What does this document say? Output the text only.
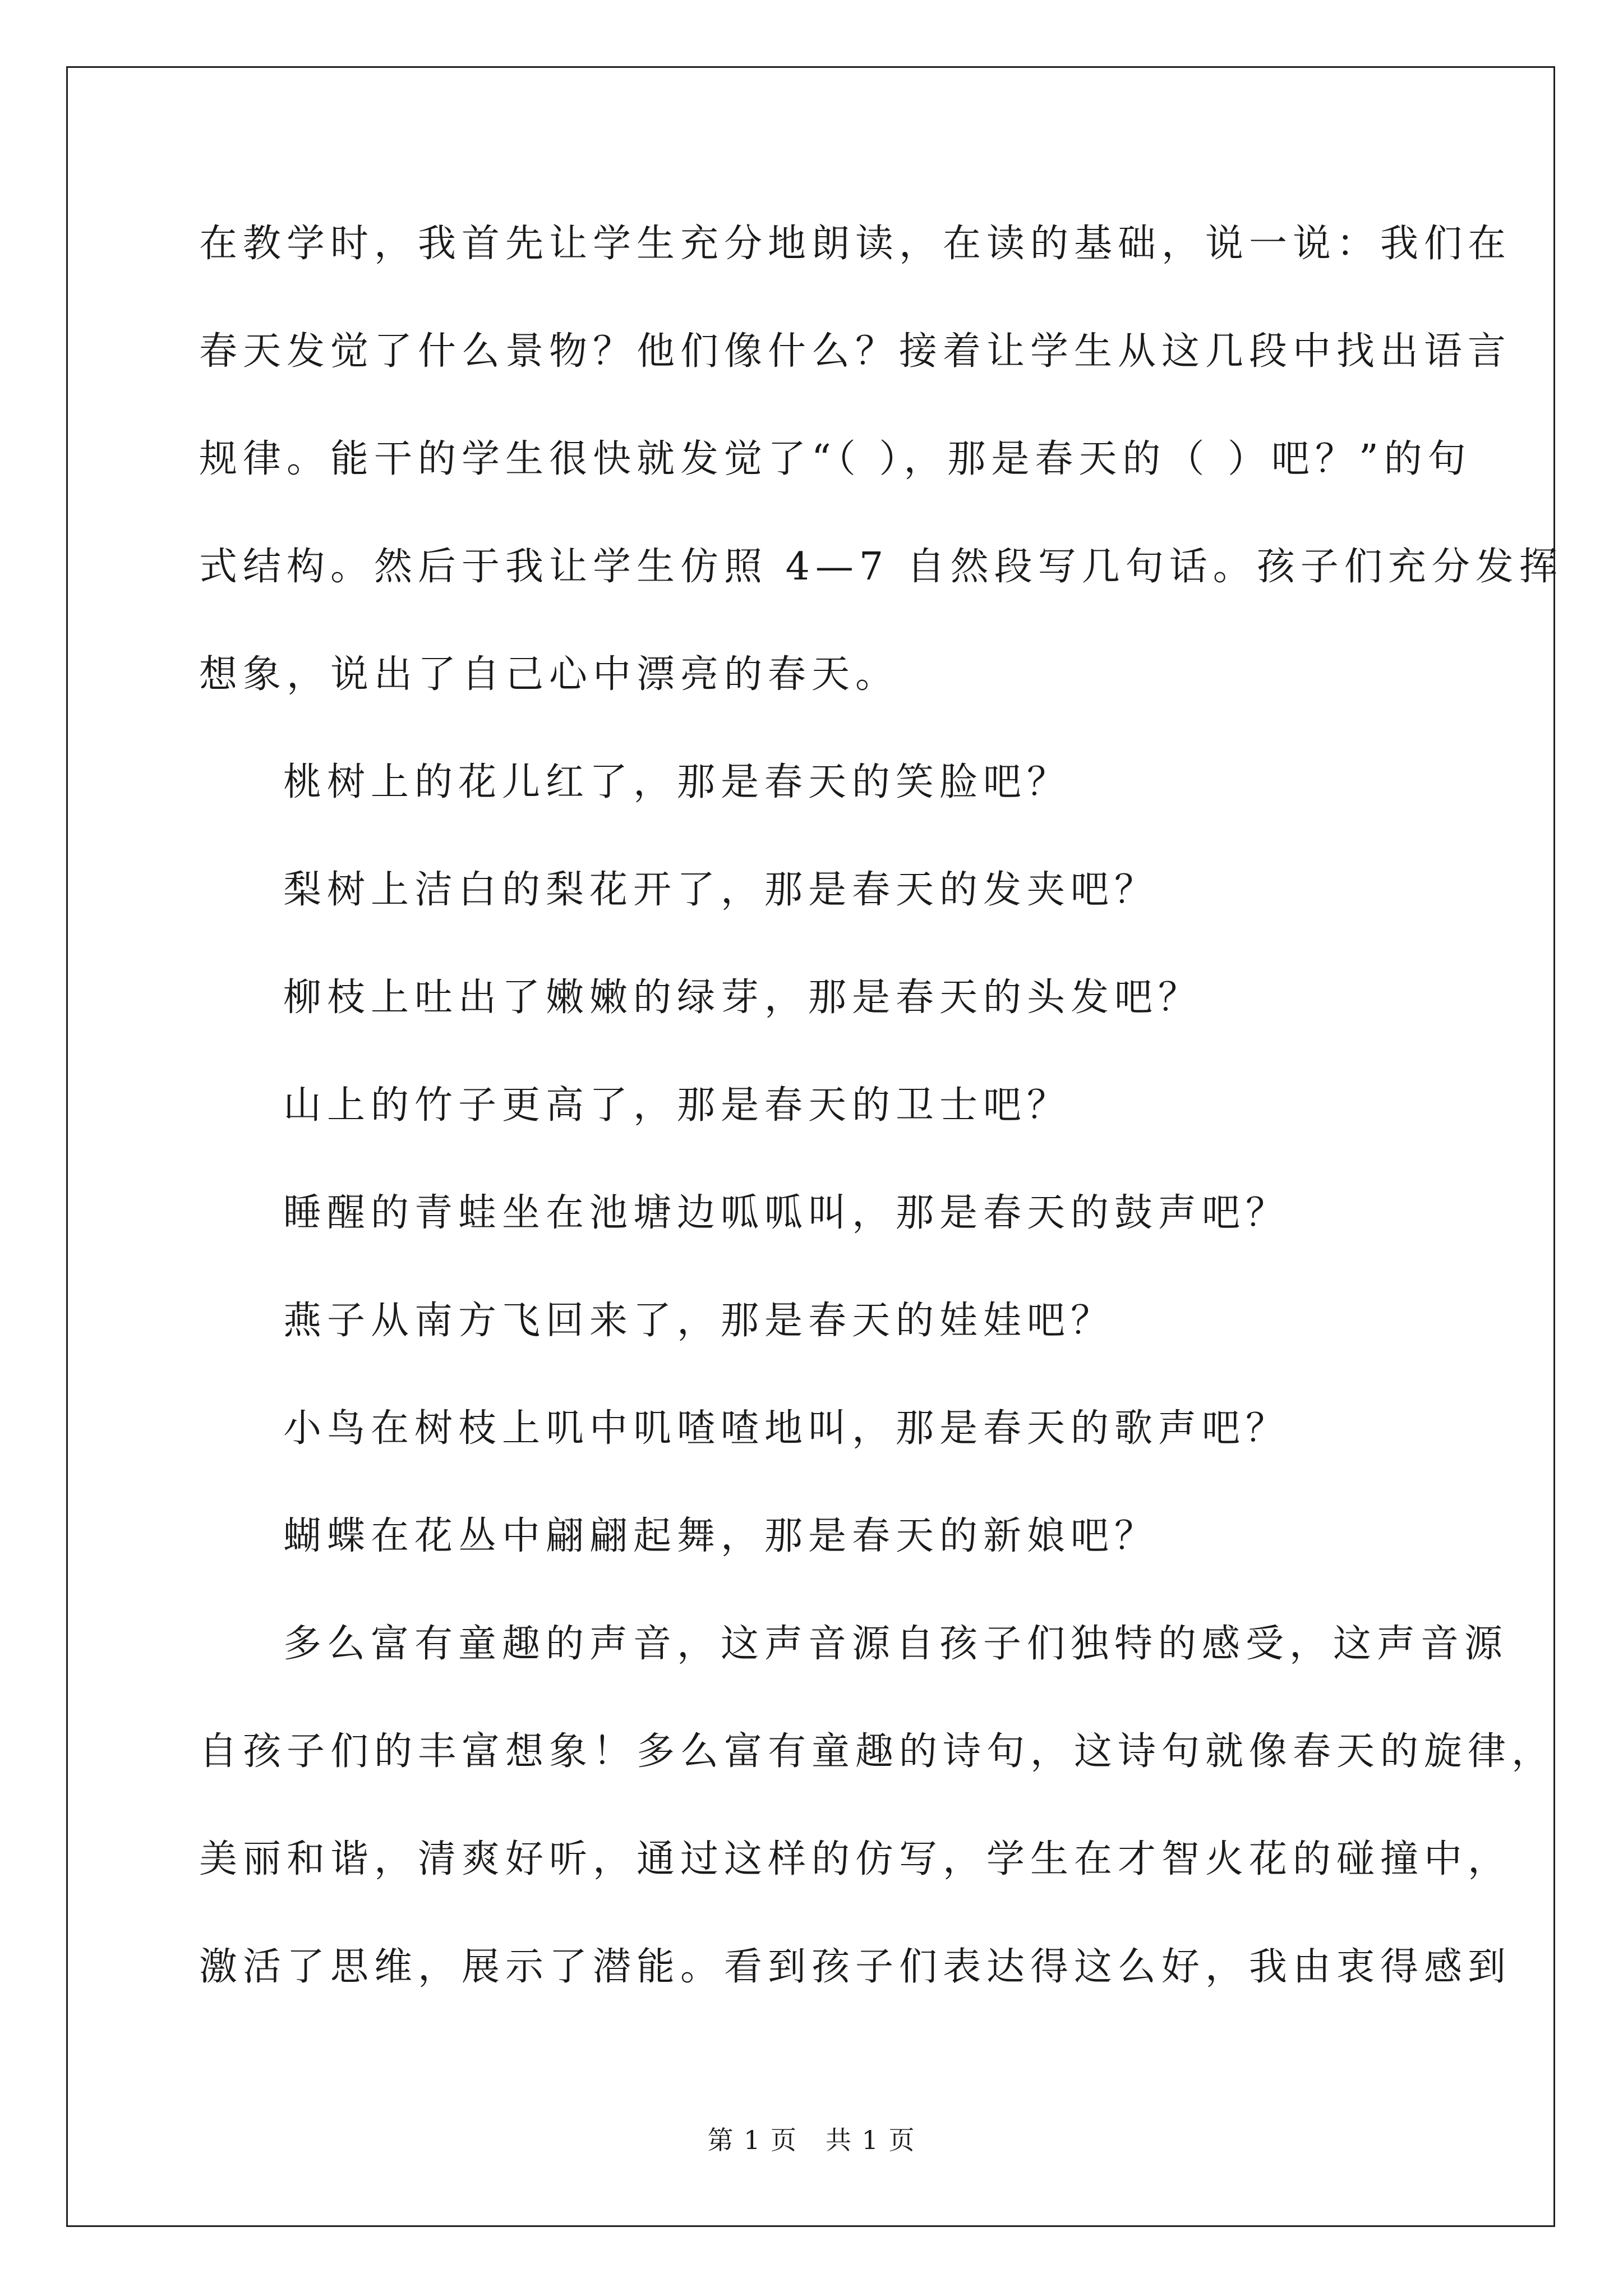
在教学时，我首先让学生充分地朗读，在读的基础，说一说：我们在
春天发觉了什么景物？他们像什么？接着让学生从这几段中找出语言
规律。能干的学生很快就发觉了“（ ），那是春天的（ ）吧？”的句
式结构。然后于我让学生仿照 4—7 自然段写几句话。孩子们充分发挥
想象，说出了自己心中漂亮的春天。
桃树上的花儿红了，那是春天的笑脸吧？
梨树上洁白的梨花开了，那是春天的发夹吧？
柳枝上吐出了嫩嫩的绿芽，那是春天的头发吧？
山上的竹子更高了，那是春天的卫士吧？
睡醒的青蛙坐在池塘边呱呱叫，那是春天的鼓声吧？
燕子从南方飞回来了，那是春天的娃娃吧？
小鸟在树枝上叽中叽喳喳地叫，那是春天的歌声吧？
蝴蝶在花丛中翩翩起舞，那是春天的新娘吧？
多么富有童趣的声音，这声音源自孩子们独特的感受，这声音源
自孩子们的丰富想象！多么富有童趣的诗句，这诗句就像春天的旋律，
美丽和谐，清爽好听，通过这样的仿写，学生在才智火花的碰撞中，
激活了思维，展示了潜能。看到孩子们表达得这么好，我由衷得感到
第 1 页 共 1 页
